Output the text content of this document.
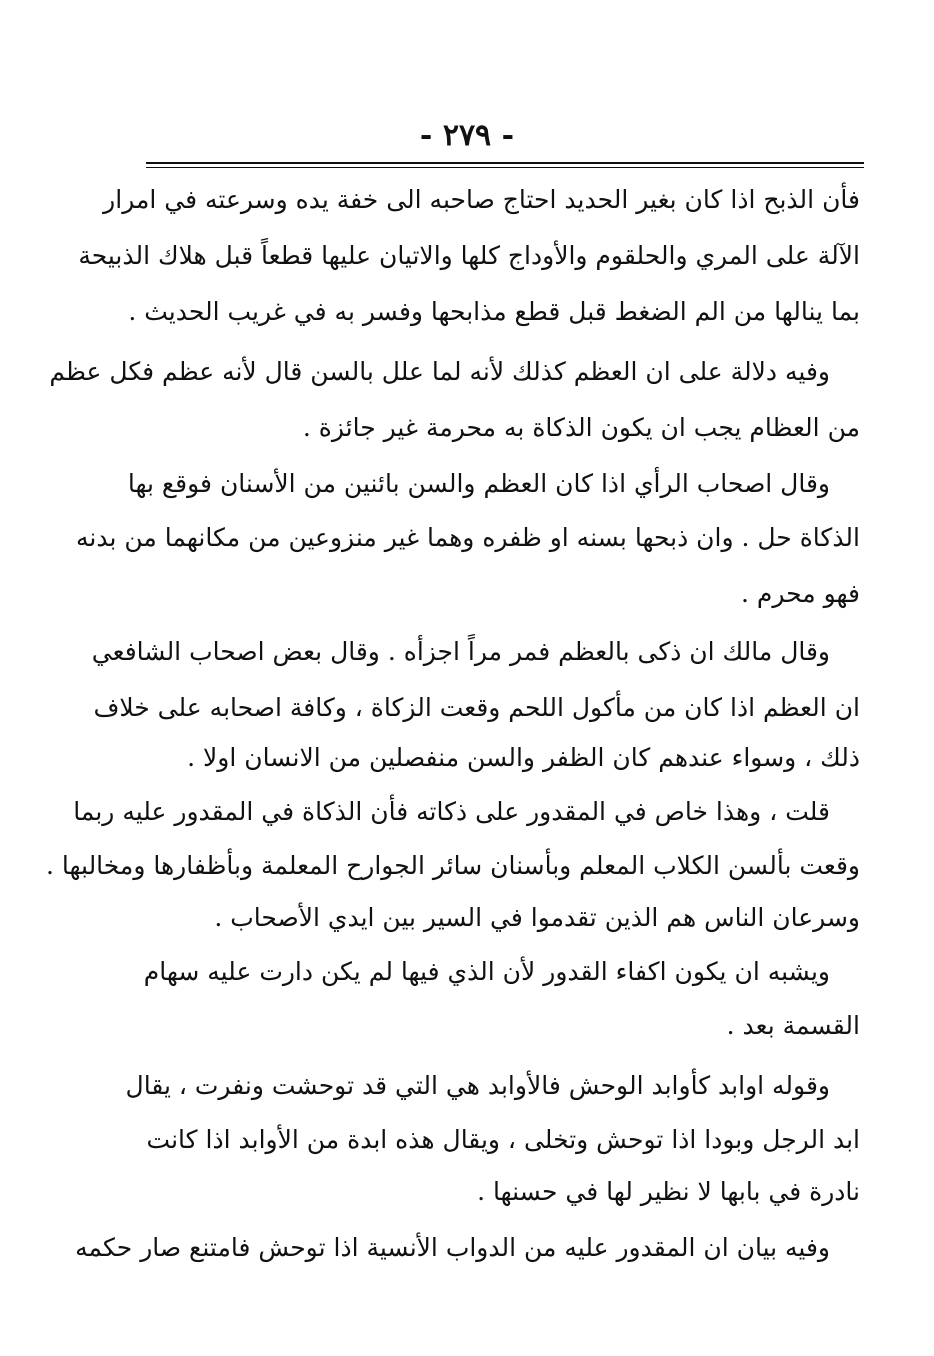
- ٢٧٩ -
فأن الذبح اذا كان بغير الحديد احتاج صاحبه الى خفة يده وسرعته في امرار
الآلة على المري والحلقوم والأوداج كلها والاتيان عليها قطعاً قبل هلاك الذبيحة
بما ينالها من الم الضغط قبل قطع مذابحها وفسر به في غريب الحديث .
وفيه دلالة على ان العظم كذلك لأنه لما علل بالسن قال لأنه عظم فكل عظم
من العظام يجب ان يكون الذكاة به محرمة غير جائزة .
وقال اصحاب الرأي اذا كان العظم والسن بائنين من الأسنان فوقع بها
الذكاة حل . وان ذبحها بسنه او ظفره وهما غير منزوعين من مكانهما من بدنه
فهو محرم .
وقال مالك ان ذكى بالعظم فمر مراً اجزأه . وقال بعض اصحاب الشافعي
ان العظم اذا كان من مأكول اللحم وقعت الزكاة ، وكافة اصحابه على خلاف
ذلك ، وسواء عندهم كان الظفر والسن منفصلين من الانسان اولا .
قلت ، وهذا خاص في المقدور على ذكاته فأن الذكاة في المقدور عليه ربما
وقعت بألسن الكلاب المعلم وبأسنان سائر الجوارح المعلمة وبأظفارها ومخالبها .
وسرعان الناس هم الذين تقدموا في السير بين ايدي الأصحاب .
ويشبه ان يكون اكفاء القدور لأن الذي فيها لم يكن دارت عليه سهام
القسمة بعد .
وقوله اوابد كأوابد الوحش فالأوابد هي التي قد توحشت ونفرت ، يقال
ابد الرجل وبودا اذا توحش وتخلى ، ويقال هذه ابدة من الأوابد اذا كانت
نادرة في بابها لا نظير لها في حسنها .
وفيه بيان ان المقدور عليه من الدواب الأنسية اذا توحش فامتنع صار حكمه
